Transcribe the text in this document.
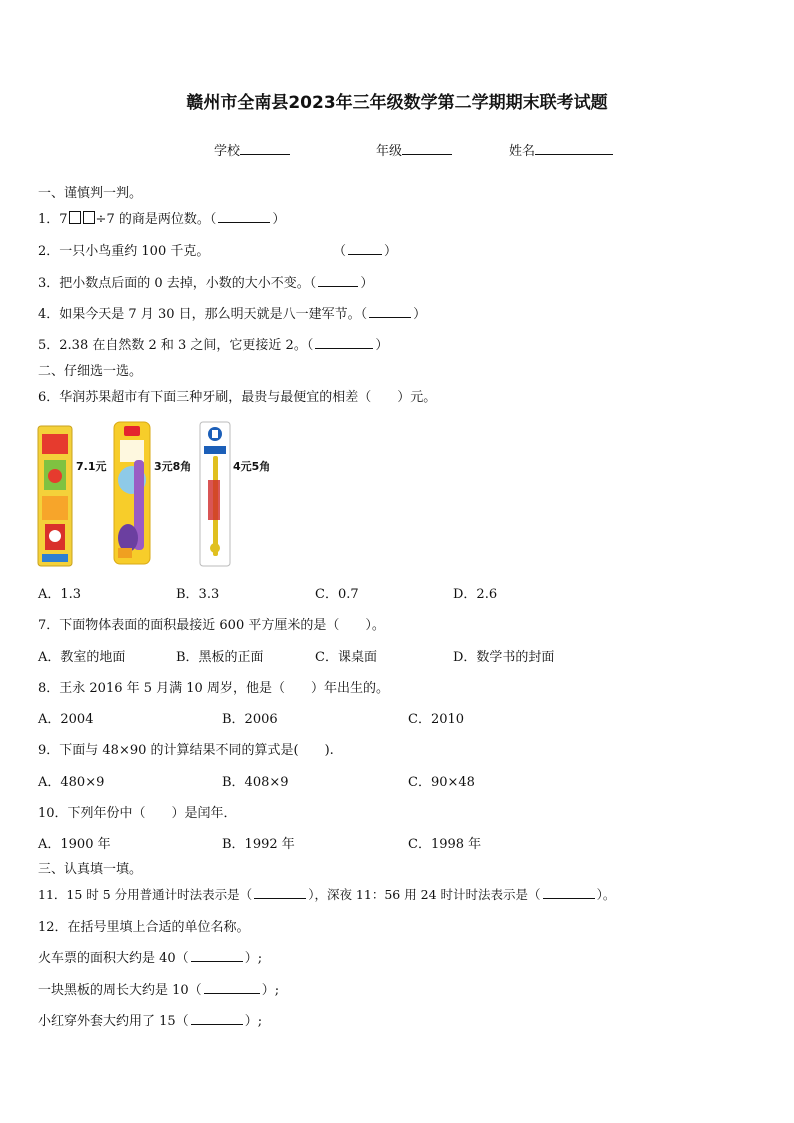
赣州市全南县2023年三年级数学第二学期期末联考试题
学校	年级	姓名
一、谨慎判一判。
1．7 ÷7 的商是两位数。（	）
2．一只小鸟重约 100 千克。	（	）
3．把小数点后面的 0 去掉，小数的大小不变。（	）
4．如果今天是 7 月 30 日，那么明天就是八一建军节。（	）
5．2.38 在自然数 2 和 3 之间，它更接近 2。（	）
二、仔细选一选。
6．华润苏果超市有下面三种牙刷，最贵与最便宜的相差（　　）元。
7.1元	3元8角	4元5角
A．1.3	B．3.3	C．0.7	D．2.6
7．下面物体表面的面积最接近 600 平方厘米的是（　　）。
A．教室的地面	B．黑板的正面	C．课桌面	D．数学书的封面
8．王永 2016 年 5 月满 10 周岁，他是（　　）年出生的。
A．2004	B．2006	C．2010
9．下面与 48×90 的计算结果不同的算式是(　　).
A．480×9	B．408×9	C．90×48
10．下列年份中（　　）是闰年．
A．1900 年	B．1992 年	C．1998 年
三、认真填一填。
11．15 时 5 分用普通计时法表示是（	），深夜 11：56 用 24 时计时法表示是（	）。
12．在括号里填上合适的单位名称。
火车票的面积大约是 40（	）;
一块黑板的周长大约是 10（	）;
小红穿外套大约用了 15（	）;
